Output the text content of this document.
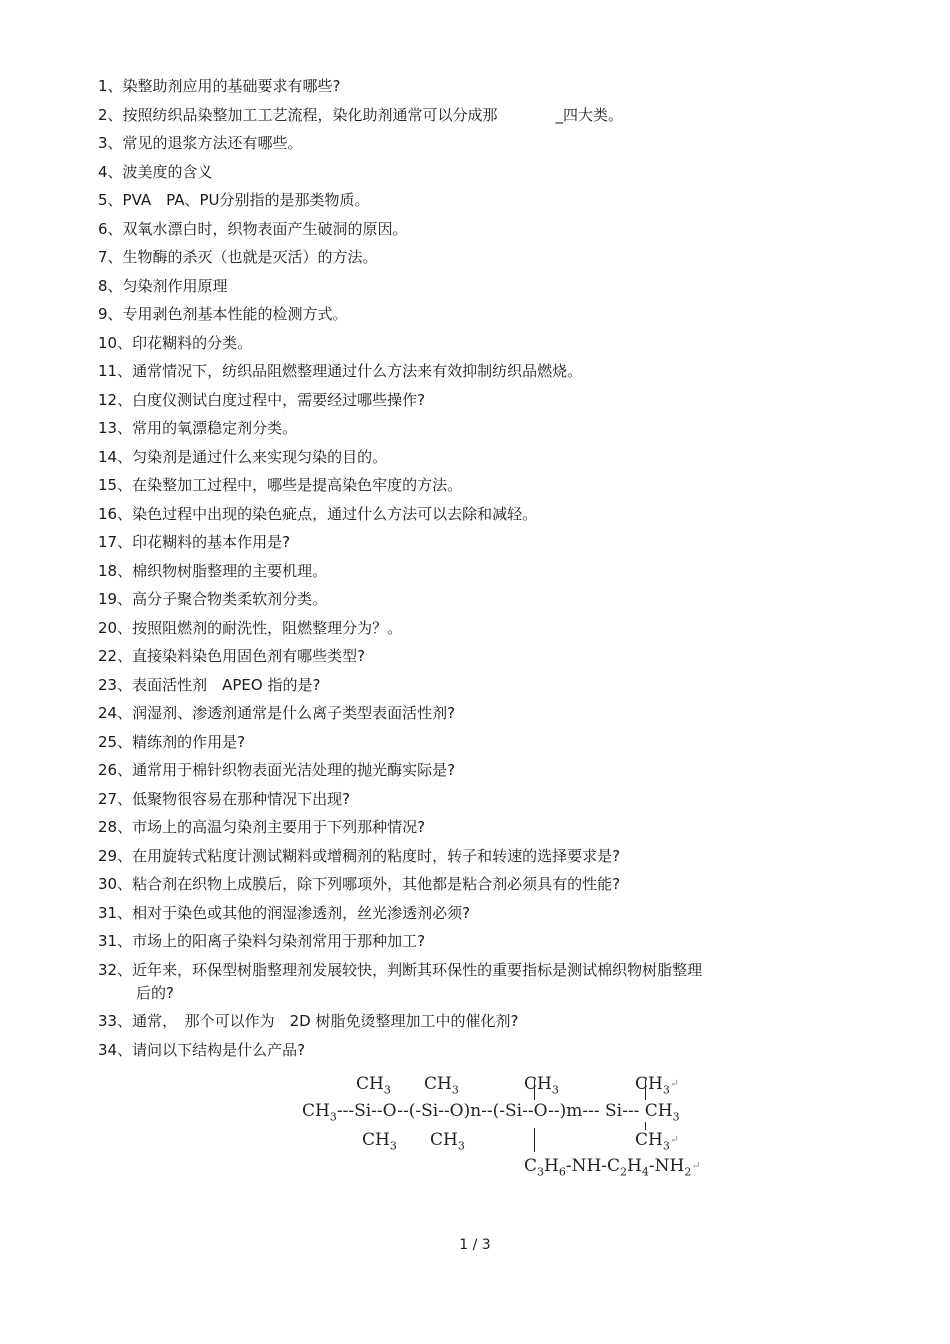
1、染整助剂应用的基础要求有哪些?
2、按照纺织品染整加工工艺流程，染化助剂通常可以分成那	_四大类。
3、常见的退浆方法还有哪些。
4、波美度的含义
5、PVA　PA、PU分别指的是那类物质。
6、双氧水漂白时，织物表面产生破洞的原因。
7、生物酶的杀灭（也就是灭活）的方法。
8、匀染剂作用原理
9、专用剥色剂基本性能的检测方式。
10、印花糊料的分类。
11、通常情况下，纺织品阻燃整理通过什么方法来有效抑制纺织品燃烧。
12、白度仪测试白度过程中，需要经过哪些操作?
13、常用的氧漂稳定剂分类。
14、匀染剂是通过什么来实现匀染的目的。
15、在染整加工过程中，哪些是提高染色牢度的方法。
16、染色过程中出现的染色疵点，通过什么方法可以去除和减轻。
17、印花糊料的基本作用是?
18、棉织物树脂整理的主要机理。
19、高分子聚合物类柔软剂分类。
20、按照阻燃剂的耐洗性，阻燃整理分为？。
22、直接染料染色用固色剂有哪些类型?
23、表面活性剂　APEO 指的是?
24、润湿剂、渗透剂通常是什么离子类型表面活性剂?
25、精练剂的作用是?
26、通常用于棉针织物表面光洁处理的抛光酶实际是?
27、低聚物很容易在那种情况下出现?
28、市场上的高温匀染剂主要用于下列那种情况?
29、在用旋转式粘度计测试糊料或增稠剂的粘度时，转子和转速的选择要求是?
30、粘合剂在织物上成膜后，除下列哪项外，其他都是粘合剂必须具有的性能?
31、相对于染色或其他的润湿渗透剂，丝光渗透剂必须?
31、市场上的阳离子染料匀染剂常用于那种加工?
32、近年来，环保型树脂整理剂发展较快，判断其环保性的重要指标是测试棉织物树脂整理
后的?
33、通常，　那个可以作为　2D 树脂免烫整理加工中的催化剂?
34、请问以下结构是什么产品?
$CH_3$ $CH_3$	$CH_3$	$CH_3↵$
$CH_3---Si--O--(-Si--O)n--(-Si--O--)m---$ Si--- $CH_3$
$CH_3$ $CH_3$	$CH_3↵$
$C_3H_6-NH-C_2H_4-NH_2↵$
1 / 3
